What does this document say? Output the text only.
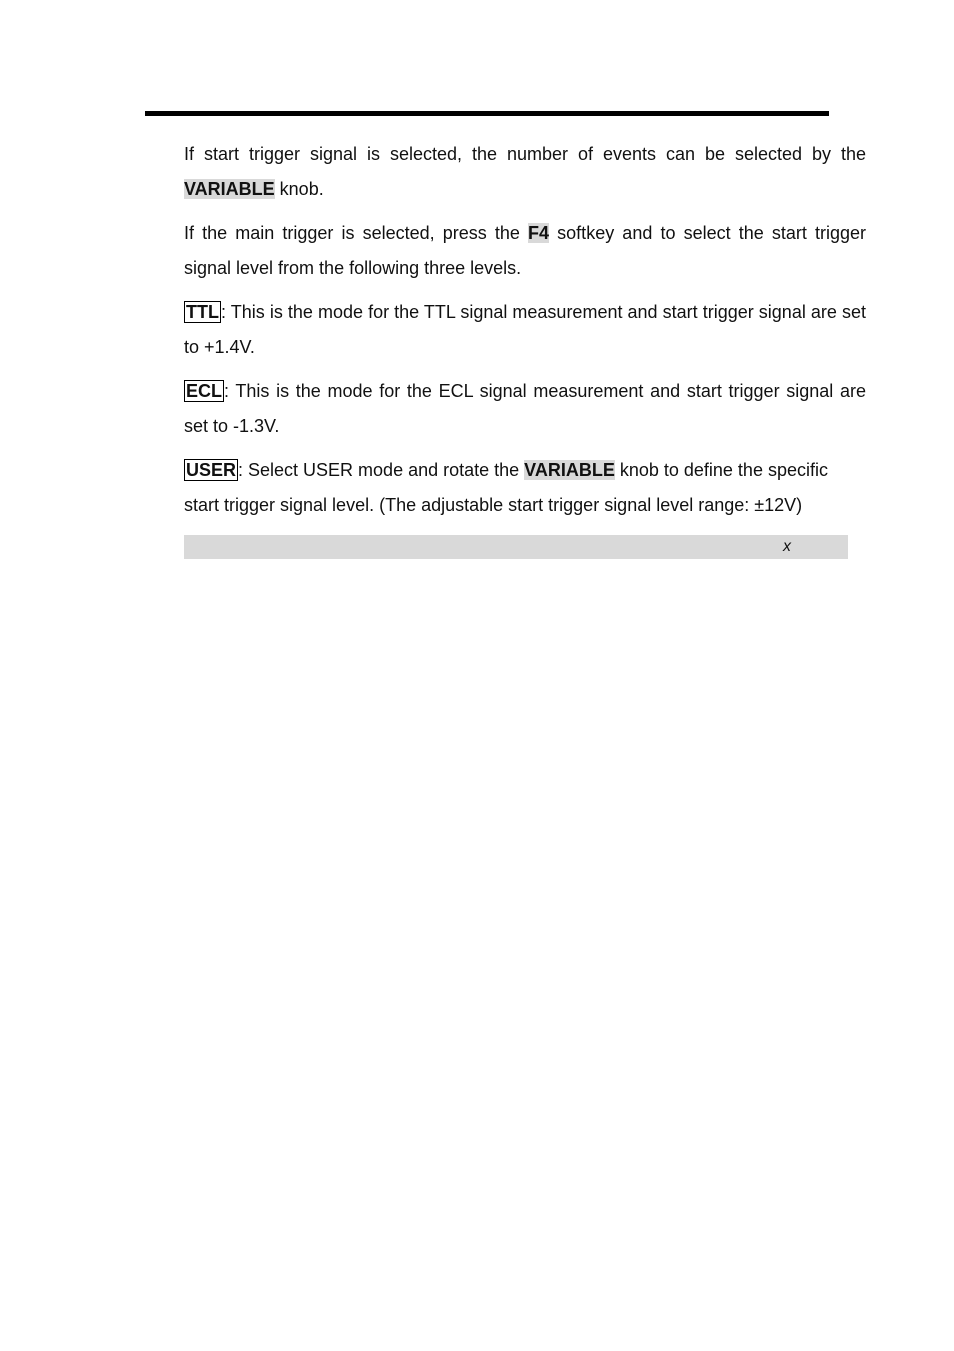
If start trigger signal is selected, the number of events can be selected by the VARIABLE knob.

If the main trigger is selected, press the F4 softkey and to select the start trigger signal level from the following three levels.

TTL : This is the mode for the TTL signal measurement and start trigger signal are set to +1.4V.

ECL : This is the mode for the ECL signal measurement and start trigger signal are set to -1.3V.

USER : Select USER mode and rotate the VARIABLE knob to define the specific start trigger signal level. (The adjustable start trigger signal level range: ±12V)

x
